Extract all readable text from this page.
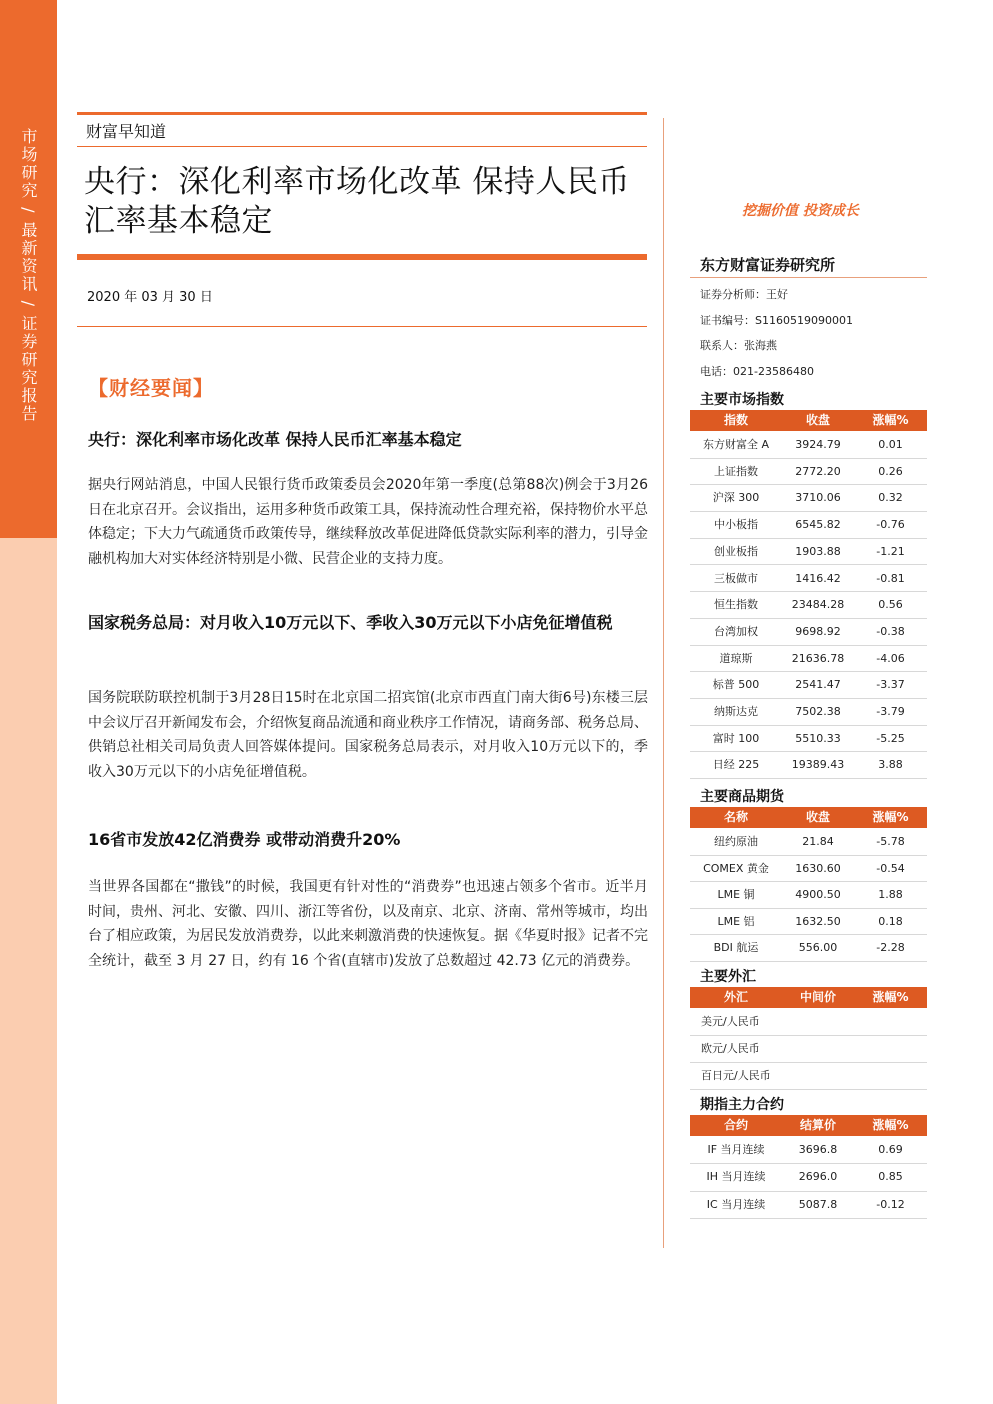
市场研究 / 最新资讯 / 证券研究报告	财富早知道
央行：深化利率市场化改革 保持人民币汇率基本稳定
2020 年 03 月 30 日
挖掘价值 投资成长
【财经要闻】
央行：深化利率市场化改革 保持人民币汇率基本稳定
据央行网站消息，中国人民银行货币政策委员会2020年第一季度(总第88次)例会于3月26日在北京召开。会议指出，运用多种货币政策工具，保持流动性合理充裕，保持物价水平总体稳定；下大力气疏通货币政策传导，继续释放改革促进降低贷款实际利率的潜力，引导金融机构加大对实体经济特别是小微、民营企业的支持力度。
国家税务总局：对月收入10万元以下、季收入30万元以下小店免征增值税
国务院联防联控机制于3月28日15时在北京国二招宾馆(北京市西直门南大街6号)东楼三层中会议厅召开新闻发布会，介绍恢复商品流通和商业秩序工作情况，请商务部、税务总局、供销总社相关司局负责人回答媒体提问。国家税务总局表示，对月收入10万元以下的，季收入30万元以下的小店免征增值税。
16省市发放42亿消费券 或带动消费升20%
当世界各国都在“撒钱”的时候，我国更有针对性的“消费券”也迅速占领多个省市。近半月时间，贵州、河北、安徽、四川、浙江等省份，以及南京、北京、济南、常州等城市，均出台了相应政策，为居民发放消费券，以此来刺激消费的快速恢复。据《华夏时报》记者不完全统计，截至 3 月 27 日，约有 16 个省(直辖市)发放了总数超过 42.73 亿元的消费券。
东方财富证券研究所
证券分析师：王好
证书编号：S1160519090001
联系人：张海燕
电话：021-23586480
主要市场指数
指数	收盘	涨幅%
东方财富全 A	3924.79	0.01
上证指数	2772.20	0.26
沪深 300	3710.06	0.32
中小板指	6545.82	-0.76
创业板指	1903.88	-1.21
三板做市	1416.42	-0.81
恒生指数	23484.28	0.56
台湾加权	9698.92	-0.38
道琼斯	21636.78	-4.06
标普 500	2541.47	-3.37
纳斯达克	7502.38	-3.79
富时 100	5510.33	-5.25
日经 225	19389.43	3.88
主要商品期货
名称	收盘	涨幅%
纽约原油	21.84	-5.78
COMEX 黄金	1630.60	-0.54
LME 铜	4900.50	1.88
LME 铝	1632.50	0.18
BDI 航运	556.00	-2.28
主要外汇
外汇	中间价	涨幅%
美元/人民币
欧元/人民币
百日元/人民币
期指主力合约
合约	结算价	涨幅%
IF 当月连续	3696.8	0.69
IH 当月连续	2696.0	0.85
IC 当月连续	5087.8	-0.12
